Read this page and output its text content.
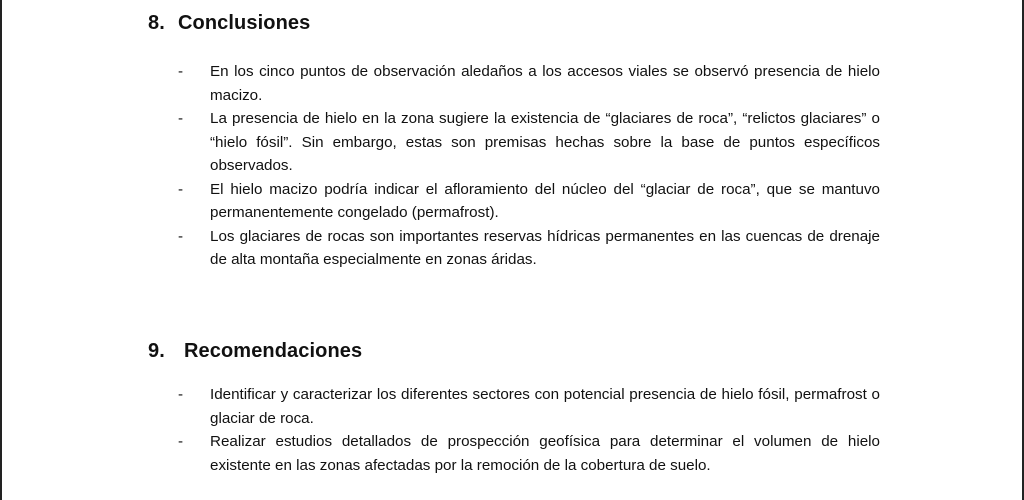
8. Conclusiones
-	En los cinco puntos de observación aledaños a los accesos viales se observó presencia de hielo macizo.
-	La presencia de hielo en la zona sugiere la existencia de “glaciares de roca”, “relictos glaciares” o “hielo fósil”. Sin embargo, estas son premisas hechas sobre la base de puntos específicos observados.
-	El hielo macizo podría indicar el afloramiento del núcleo del “glaciar de roca”, que se mantuvo permanentemente congelado (permafrost).
-	Los glaciares de rocas son importantes reservas hídricas permanentes en las cuencas de drenaje de alta montaña especialmente en zonas áridas.
9. Recomendaciones
-	Identificar y caracterizar los diferentes sectores con potencial presencia de hielo fósil, permafrost o glaciar de roca.
-	Realizar estudios detallados de prospección geofísica para determinar el volumen de hielo existente en las zonas afectadas por la remoción de la cobertura de suelo.
